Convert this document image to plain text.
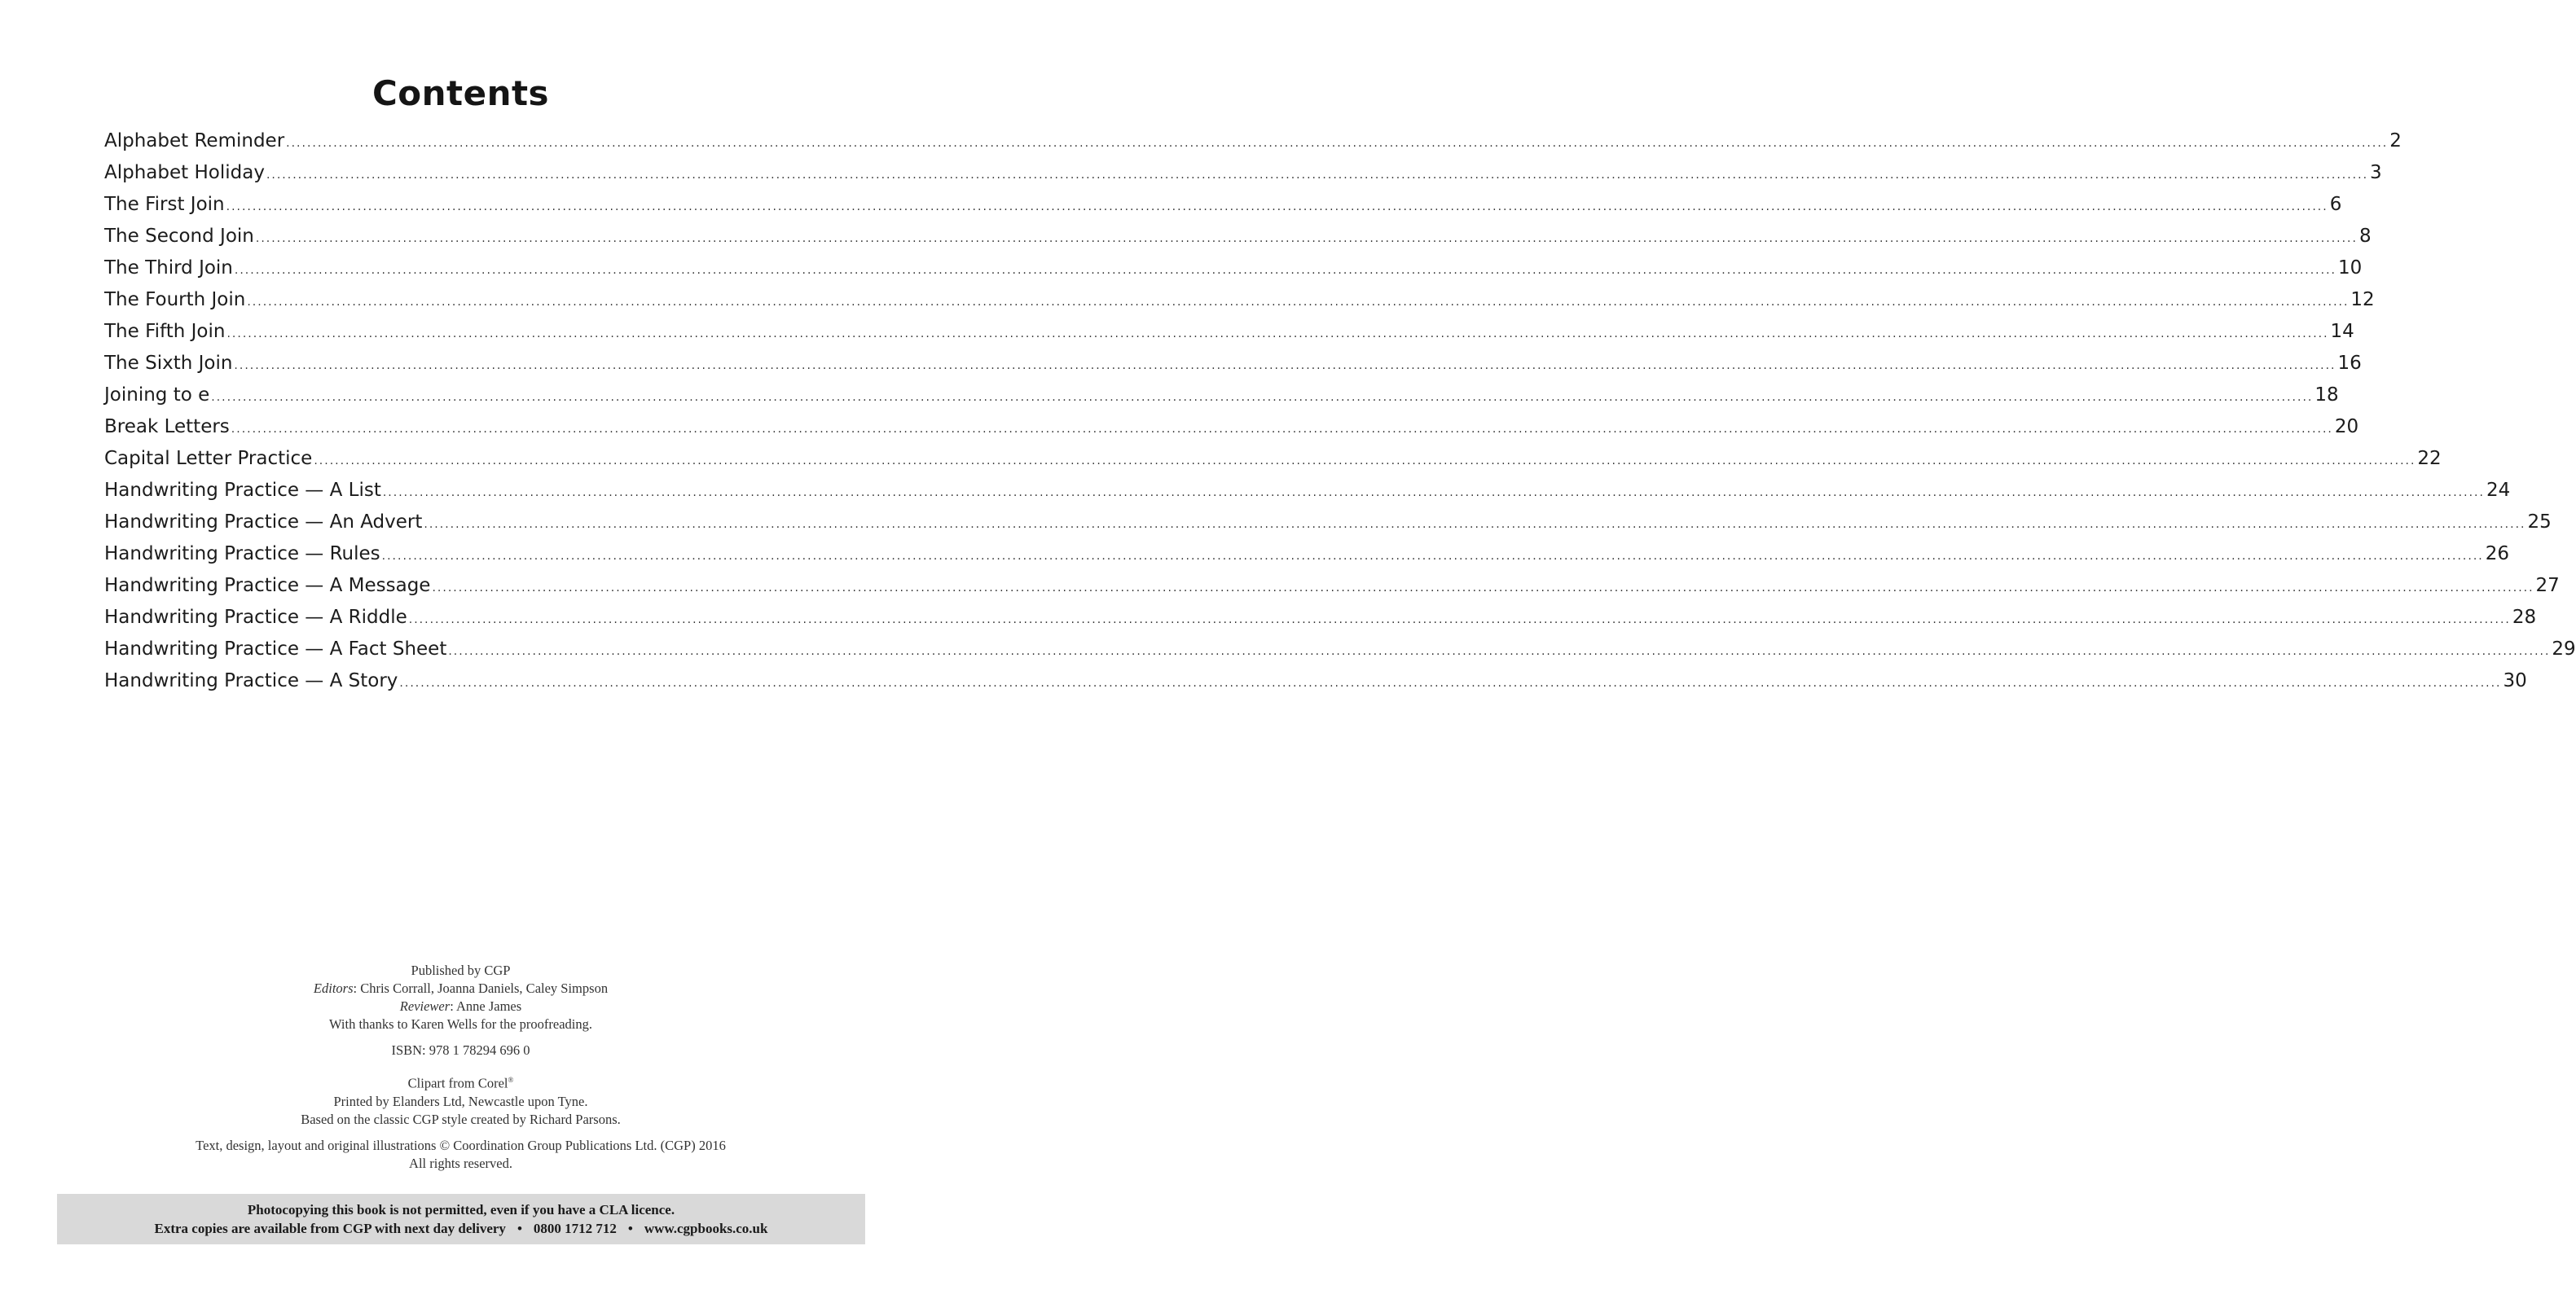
Contents
Alphabet Reminder ................................................................................................................................................................................................................................................................................................................................................................................................................ 2
Alphabet Holiday ................................................................................................................................................................................................................................................................................................................................................................................................................ 3
The First Join ................................................................................................................................................................................................................................................................................................................................................................................................................ 6
The Second Join ................................................................................................................................................................................................................................................................................................................................................................................................................ 8
The Third Join ................................................................................................................................................................................................................................................................................................................................................................................................................ 10
The Fourth Join ................................................................................................................................................................................................................................................................................................................................................................................................................ 12
The Fifth Join ................................................................................................................................................................................................................................................................................................................................................................................................................ 14
The Sixth Join ................................................................................................................................................................................................................................................................................................................................................................................................................ 16
Joining to e ................................................................................................................................................................................................................................................................................................................................................................................................................ 18
Break Letters ................................................................................................................................................................................................................................................................................................................................................................................................................ 20
Capital Letter Practice ................................................................................................................................................................................................................................................................................................................................................................................................................ 22
Handwriting Practice — A List ................................................................................................................................................................................................................................................................................................................................................................................................................ 24
Handwriting Practice — An Advert ................................................................................................................................................................................................................................................................................................................................................................................................................ 25
Handwriting Practice — Rules ................................................................................................................................................................................................................................................................................................................................................................................................................ 26
Handwriting Practice — A Message ................................................................................................................................................................................................................................................................................................................................................................................................................ 27
Handwriting Practice — A Riddle ................................................................................................................................................................................................................................................................................................................................................................................................................ 28
Handwriting Practice — A Fact Sheet ................................................................................................................................................................................................................................................................................................................................................................................................................ 29
Handwriting Practice — A Story ................................................................................................................................................................................................................................................................................................................................................................................................................ 30
Published by CGP
Editors: Chris Corrall, Joanna Daniels, Caley Simpson
Reviewer: Anne James
With thanks to Karen Wells for the proofreading.
ISBN: 978 1 78294 696 0
Clipart from Corel®
Printed by Elanders Ltd, Newcastle upon Tyne.
Based on the classic CGP style created by Richard Parsons.
Text, design, layout and original illustrations © Coordination Group Publications Ltd. (CGP) 2016
All rights reserved.
Photocopying this book is not permitted, even if you have a CLA licence.
Extra copies are available from CGP with next day delivery • 0800 1712 712 • www.cgpbooks.co.uk
